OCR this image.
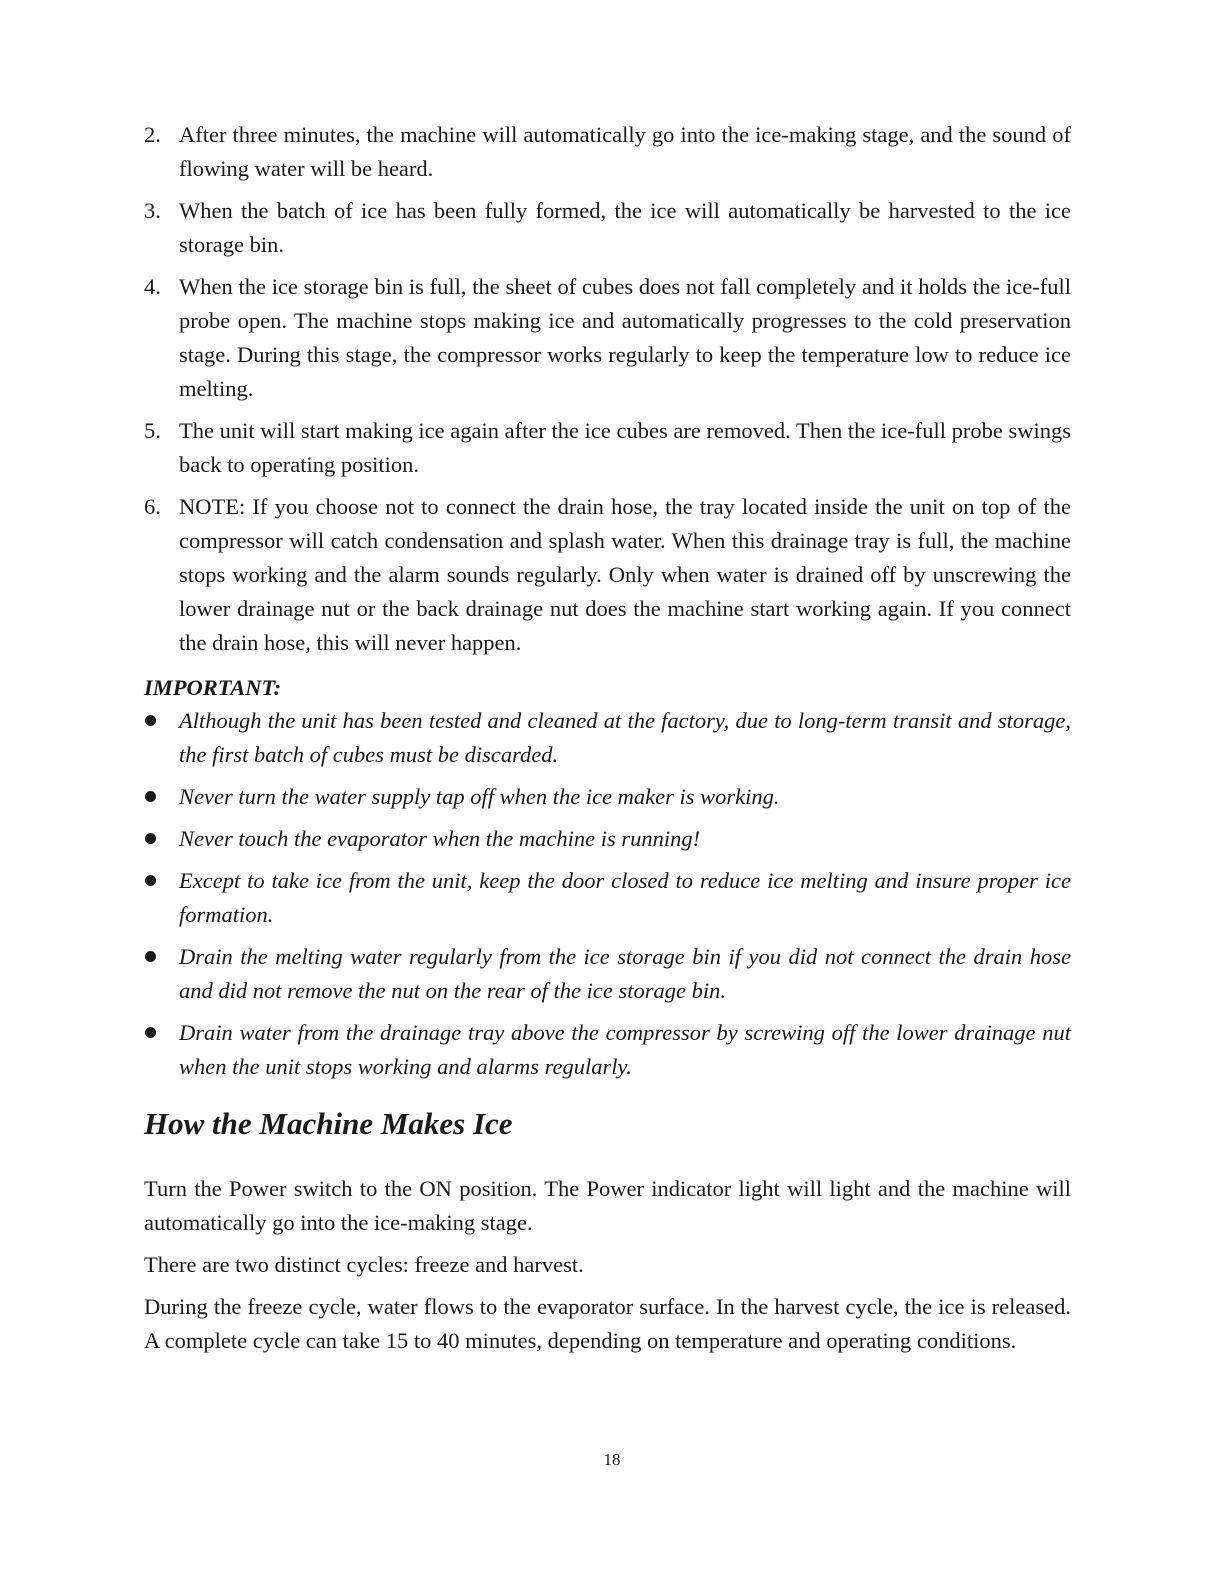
2. After three minutes, the machine will automatically go into the ice-making stage, and the sound of flowing water will be heard.
3. When the batch of ice has been fully formed, the ice will automatically be harvested to the ice storage bin.
4. When the ice storage bin is full, the sheet of cubes does not fall completely and it holds the ice-full probe open. The machine stops making ice and automatically progresses to the cold preservation stage. During this stage, the compressor works regularly to keep the temperature low to reduce ice melting.
5. The unit will start making ice again after the ice cubes are removed. Then the ice-full probe swings back to operating position.
6. NOTE: If you choose not to connect the drain hose, the tray located inside the unit on top of the compressor will catch condensation and splash water. When this drainage tray is full, the machine stops working and the alarm sounds regularly. Only when water is drained off by unscrewing the lower drainage nut or the back drainage nut does the machine start working again. If you connect the drain hose, this will never happen.
IMPORTANT:
Although the unit has been tested and cleaned at the factory, due to long-term transit and storage, the first batch of cubes must be discarded.
Never turn the water supply tap off when the ice maker is working.
Never touch the evaporator when the machine is running!
Except to take ice from the unit, keep the door closed to reduce ice melting and insure proper ice formation.
Drain the melting water regularly from the ice storage bin if you did not connect the drain hose and did not remove the nut on the rear of the ice storage bin.
Drain water from the drainage tray above the compressor by screwing off the lower drainage nut when the unit stops working and alarms regularly.
How the Machine Makes Ice

Turn the Power switch to the ON position. The Power indicator light will light and the machine will automatically go into the ice-making stage.

There are two distinct cycles: freeze and harvest.

During the freeze cycle, water flows to the evaporator surface. In the harvest cycle, the ice is released. A complete cycle can take 15 to 40 minutes, depending on temperature and operating conditions.

18
